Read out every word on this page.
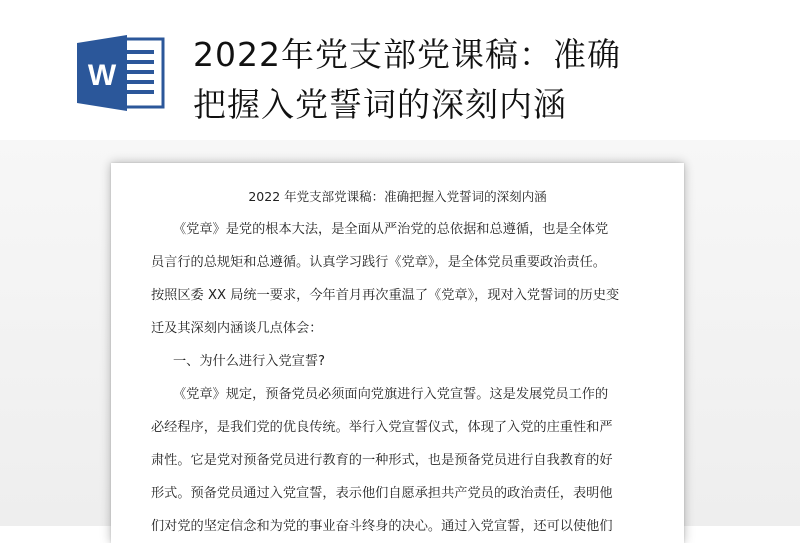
W
2022年党支部党课稿：准确
把握入党誓词的深刻内涵
2022 年党支部党课稿：准确把握入党誓词的深刻内涵
《党章》是党的根本大法，是全面从严治党的总依据和总遵循，也是全体党
员言行的总规矩和总遵循。认真学习践行《党章》，是全体党员重要政治责任。
按照区委 XX 局统一要求，今年首月再次重温了《党章》，现对入党誓词的历史变
迁及其深刻内涵谈几点体会：
一、为什么进行入党宣誓?
《党章》规定，预备党员必须面向党旗进行入党宣誓。这是发展党员工作的
必经程序，是我们党的优良传统。举行入党宣誓仪式，体现了入党的庄重性和严
肃性。它是党对预备党员进行教育的一种形式，也是预备党员进行自我教育的好
形式。预备党员通过入党宣誓，表示他们自愿承担共产党员的政治责任，表明他
们对党的坚定信念和为党的事业奋斗终身的决心。通过入党宣誓，还可以使他们
